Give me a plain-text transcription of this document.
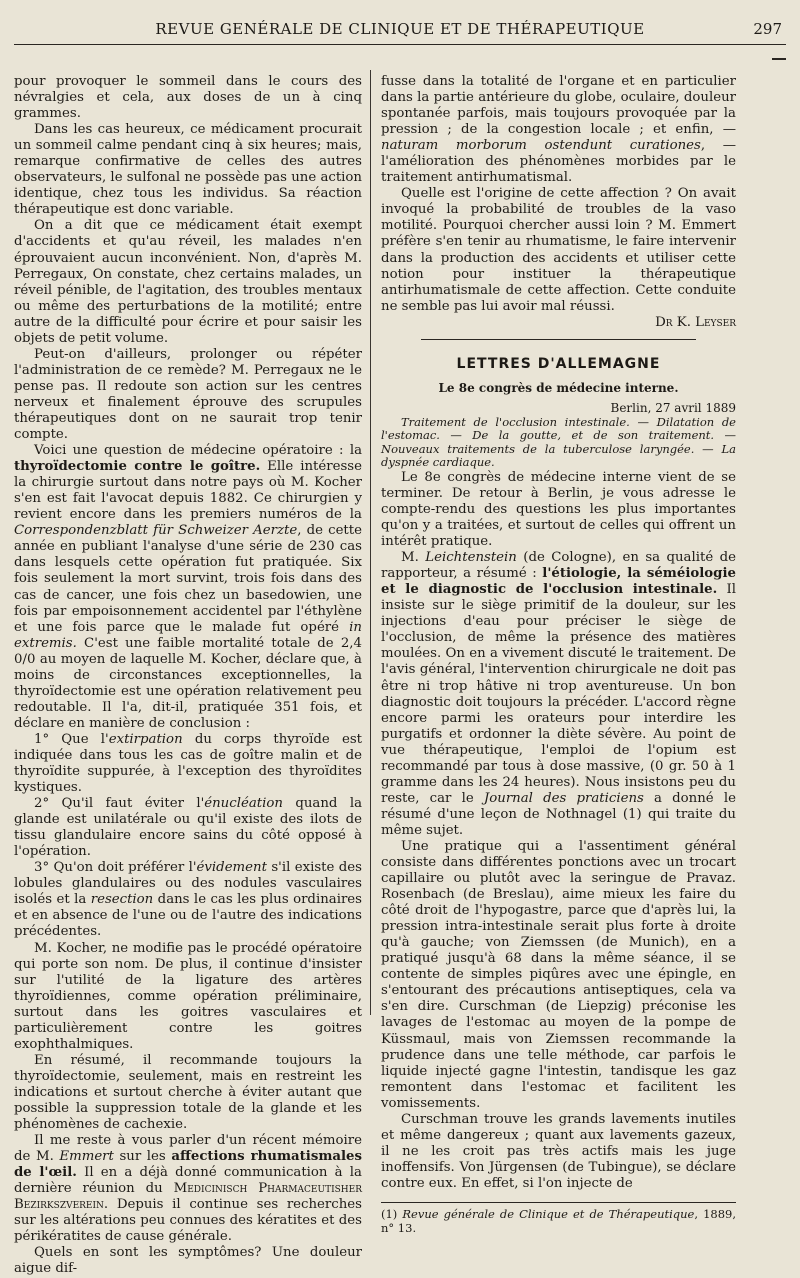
REVUE GENÉRALE DE CLINIQUE ET DE THÉRAPEUTIQUE	297

pour provoquer le sommeil dans le cours des névralgies et cela, aux doses de un à cinq grammes.

Dans les cas heureux, ce médicament procurait un sommeil calme pendant cinq à six heures; mais, remarque confirmative de celles des autres observateurs, le sulfonal ne possède pas une action identique, chez tous les individus. Sa réaction thérapeutique est donc variable.

On a dit que ce médicament était exempt d'accidents et qu'au réveil, les malades n'en éprouvaient aucun inconvénient. Non, d'après M. Perregaux, On constate, chez certains malades, un réveil pénible, de l'agitation, des troubles mentaux ou même des perturbations de la motilité; entre autre de la difficulté pour écrire et pour saisir les objets de petit volume.

Peut-on d'ailleurs, prolonger ou répéter l'administration de ce remède? M. Perregaux ne le pense pas. Il redoute son action sur les centres nerveux et finalement éprouve des scrupules thérapeutiques dont on ne saurait trop tenir compte.

Voici une question de médecine opératoire : la thyroïdectomie contre le goître. Elle intéresse la chirurgie surtout dans notre pays où M. Kocher s'en est fait l'avocat depuis 1882. Ce chirurgien y revient encore dans les premiers numéros de la Correspondenzblatt für Schweizer Aerzte, de cette année en publiant l'analyse d'une série de 230 cas dans lesquels cette opération fut pratiquée. Six fois seulement la mort survint, trois fois dans des cas de cancer, une fois chez un basedowien, une fois par empoisonnement accidentel par l'éthylène et une fois parce que le malade fut opéré in extremis. C'est une faible mortalité totale de 2,4 0/0 au moyen de laquelle M. Kocher, déclare que, à moins de circonstances exceptionnelles, la thyroïdectomie est une opération relativement peu redoutable. Il l'a, dit-il, pratiquée 351 fois, et déclare en manière de conclusion :

1° Que l'extirpation du corps thyroïde est indiquée dans tous les cas de goître malin et de thyroïdite suppurée, à l'exception des thyroïdites kystiques.

2° Qu'il faut éviter l'énucléation quand la glande est unilatérale ou qu'il existe des ilots de tissu glandulaire encore sains du côté opposé à l'opération.

3° Qu'on doit préférer l'évidement s'il existe des lobules glandulaires ou des nodules vasculaires isolés et la resection dans le cas les plus ordinaires et en absence de l'une ou de l'autre des indications précédentes.

M. Kocher, ne modifie pas le procédé opératoire qui porte son nom. De plus, il continue d'insister sur l'utilité de la ligature des artères thyroïdiennes, comme opération préliminaire, surtout dans les goitres vasculaires et particulièrement contre les goitres exophthalmiques.

En résumé, il recommande toujours la thyroïdectomie, seulement, mais en restreint les indications et surtout cherche à éviter autant que possible la suppression totale de la glande et les phénomènes de cachexie.

Il me reste à vous parler d'un récent mémoire de M. Emmert sur les affections rhumatismales de l'œil. Il en a déjà donné communication à la dernière réunion du Medicinisch Pharmaceutisher Bezirkszverein. Depuis il continue ses recherches sur les altérations peu connues des kératites et des périkératites de cause générale.

Quels en sont les symptômes? Une douleur aigue dif-

fusse dans la totalité de l'organe et en particulier dans la partie antérieure du globe, oculaire, douleur spontanée parfois, mais toujours provoquée par la pression ; de la congestion locale ; et enfin, — naturam morborum ostendunt curationes, — l'amélioration des phénomènes morbides par le traitement antirhumatismal.

Quelle est l'origine de cette affection ? On avait invoqué la probabilité de troubles de la vaso motilité. Pourquoi chercher aussi loin ? M. Emmert préfère s'en tenir au rhumatisme, le faire intervenir dans la production des accidents et utiliser cette notion pour instituer la thérapeutique antirhumatismale de cette affection. Cette conduite ne semble pas lui avoir mal réussi.

Dr K. Leyser

LETTRES D'ALLEMAGNE
Le 8e congrès de médecine interne.

Berlin, 27 avril 1889

Traitement de l'occlusion intestinale. — Dilatation de l'estomac. — De la goutte, et de son traitement. — Nouveaux traitements de la tuberculose laryngée. — La dyspnée cardiaque.

Le 8e congrès de médecine interne vient de se terminer. De retour à Berlin, je vous adresse le compte-rendu des questions les plus importantes qu'on y a traitées, et surtout de celles qui offrent un intérêt pratique.

M. Leichtenstein (de Cologne), en sa qualité de rapporteur, a résumé : l'étiologie, la séméiologie et le diagnostic de l'occlusion intestinale. Il insiste sur le siège primitif de la douleur, sur les injections d'eau pour préciser le siège de l'occlusion, de même la présence des matières moulées. On en a vivement discuté le traitement. De l'avis général, l'intervention chirurgicale ne doit pas être ni trop hâtive ni trop aventureuse. Un bon diagnostic doit toujours la précéder. L'accord règne encore parmi les orateurs pour interdire les purgatifs et ordonner la diète sévère. Au point de vue thérapeutique, l'emploi de l'opium est recommandé par tous à dose massive, (0 gr. 50 à 1 gramme dans les 24 heures). Nous insistons peu du reste, car le Journal des praticiens a donné le résumé d'une leçon de Nothnagel (1) qui traite du même sujet.

Une pratique qui a l'assentiment général consiste dans différentes ponctions avec un trocart capillaire ou plutôt avec la seringue de Pravaz. Rosenbach (de Breslau), aime mieux les faire du côté droit de l'hypogastre, parce que d'après lui, la pression intra-intestinale serait plus forte à droite qu'à gauche; von Ziemssen (de Munich), en a pratiqué jusqu'à 68 dans la même séance, il se contente de simples piqûres avec une épingle, en s'entourant des précautions antiseptiques, cela va s'en dire. Curschman (de Liepzig) préconise les lavages de l'estomac au moyen de la pompe de Küssmaul, mais von Ziemssen recommande la prudence dans une telle méthode, car parfois le liquide injecté gagne l'intestin, tandisque les gaz remontent dans l'estomac et facilitent les vomissements.

Curschman trouve les grands lavements inutiles et même dangereux ; quant aux lavements gazeux, il ne les croit pas très actifs mais les juge inoffensifs. Von Jürgensen (de Tubingue), se déclare contre eux. En effet, si l'on injecte de

(1) Revue générale de Clinique et de Thérapeutique, 1889, n° 13.
